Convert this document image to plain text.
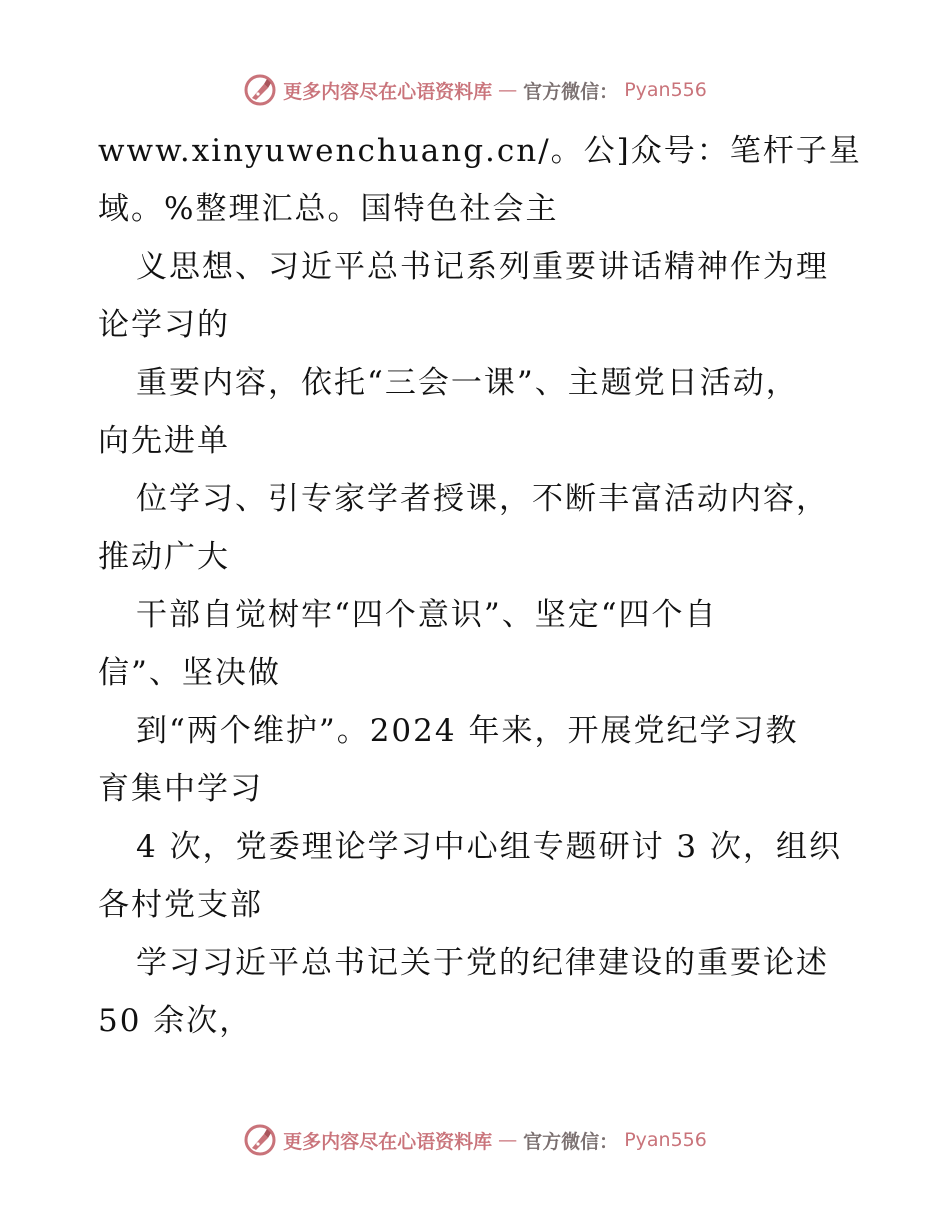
更多内容尽在心语资料库 — 官方微信： Pyan556
www.xinyuwenchuang.cn/。公]众号：笔杆子星
域。%整理汇总。国特色社会主
义思想、习近平总书记系列重要讲话精神作为理
论学习的
重要内容，依托“三会一课”、主题党日活动，
向先进单
位学习、引专家学者授课，不断丰富活动内容，
推动广大
干部自觉树牢“四个意识”、坚定“四个自
信”、坚决做
到“两个维护”。2024 年来，开展党纪学习教
育集中学习
4 次，党委理论学习中心组专题研讨 3 次，组织
各村党支部
学习习近平总书记关于党的纪律建设的重要论述
50 余次，
更多内容尽在心语资料库 — 官方微信： Pyan556
